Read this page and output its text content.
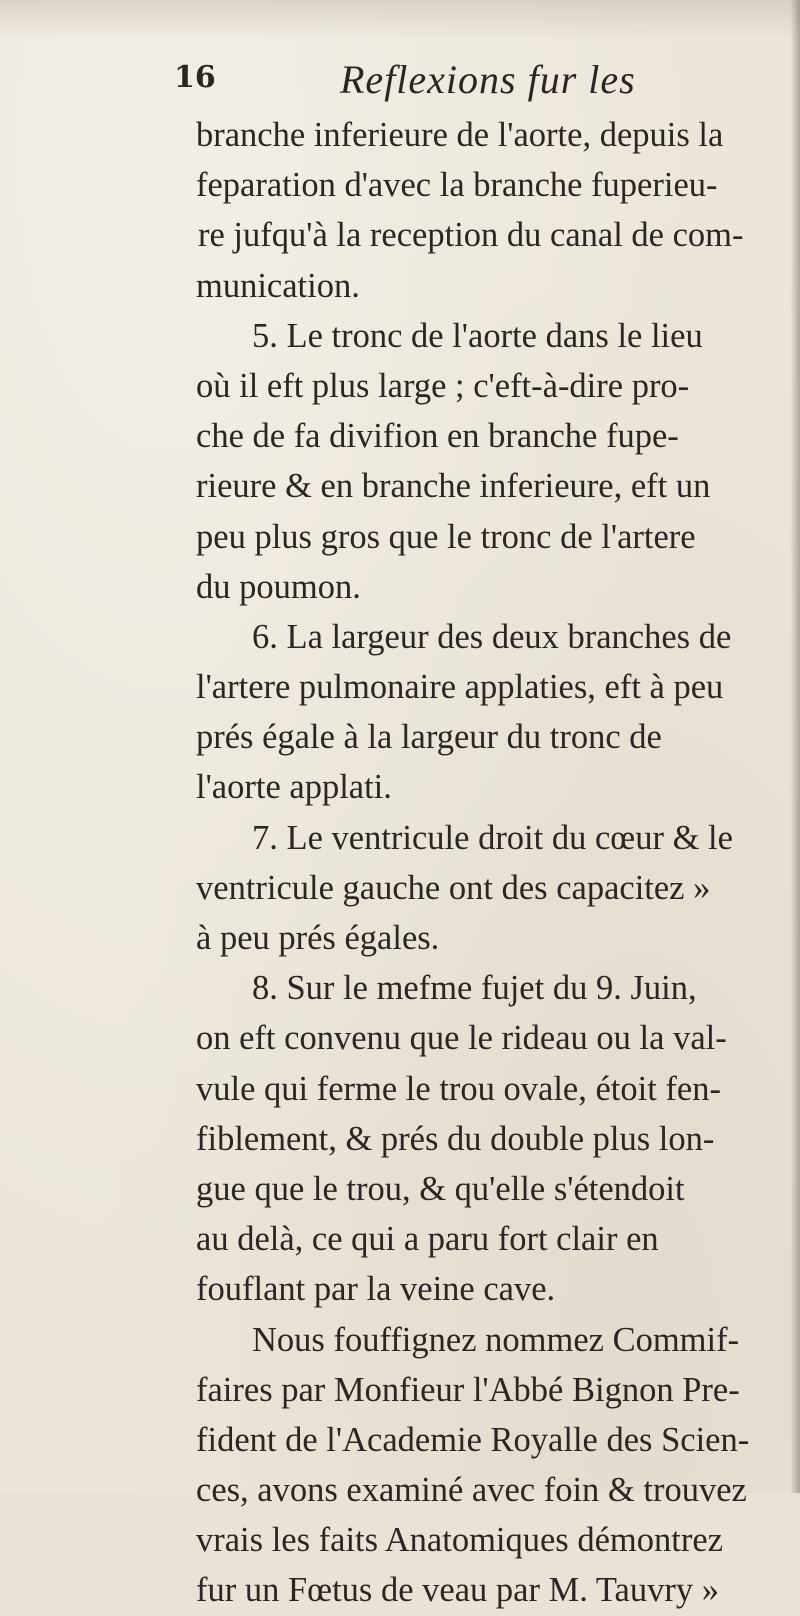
16	Reflexions fur les
branche inferieure de l'aorte, depuis la
feparation d'avec la branche fuperieu-
re jufqu'à la reception du canal de com-
munication.
5. Le tronc de l'aorte dans le lieu
où il eft plus large ; c'eft-à-dire pro-
che de fa divifion en branche fupe-
rieure & en branche inferieure, eft un
peu plus gros que le tronc de l'artere
du poumon.
6. La largeur des deux branches de
l'artere pulmonaire applaties, eft à peu
prés égale à la largeur du tronc de
l'aorte applati.
7. Le ventricule droit du cœur & le
ventricule gauche ont des capacitez »
à peu prés égales.
8. Sur le mefme fujet du 9. Juin,
on eft convenu que le rideau ou la val-
vule qui ferme le trou ovale, étoit fen-
fiblement, & prés du double plus lon-
gue que le trou, & qu'elle s'étendoit
au delà, ce qui a paru fort clair en
fouflant par la veine cave.
Nous fouffignez nommez Commif-
faires par Monfieur l'Abbé Bignon Pre-
fident de l'Academie Royalle des Scien-
ces, avons examiné avec foin & trouvez
vrais les faits Anatomiques démontrez
fur un Fœtus de veau par M. Tauvry »
